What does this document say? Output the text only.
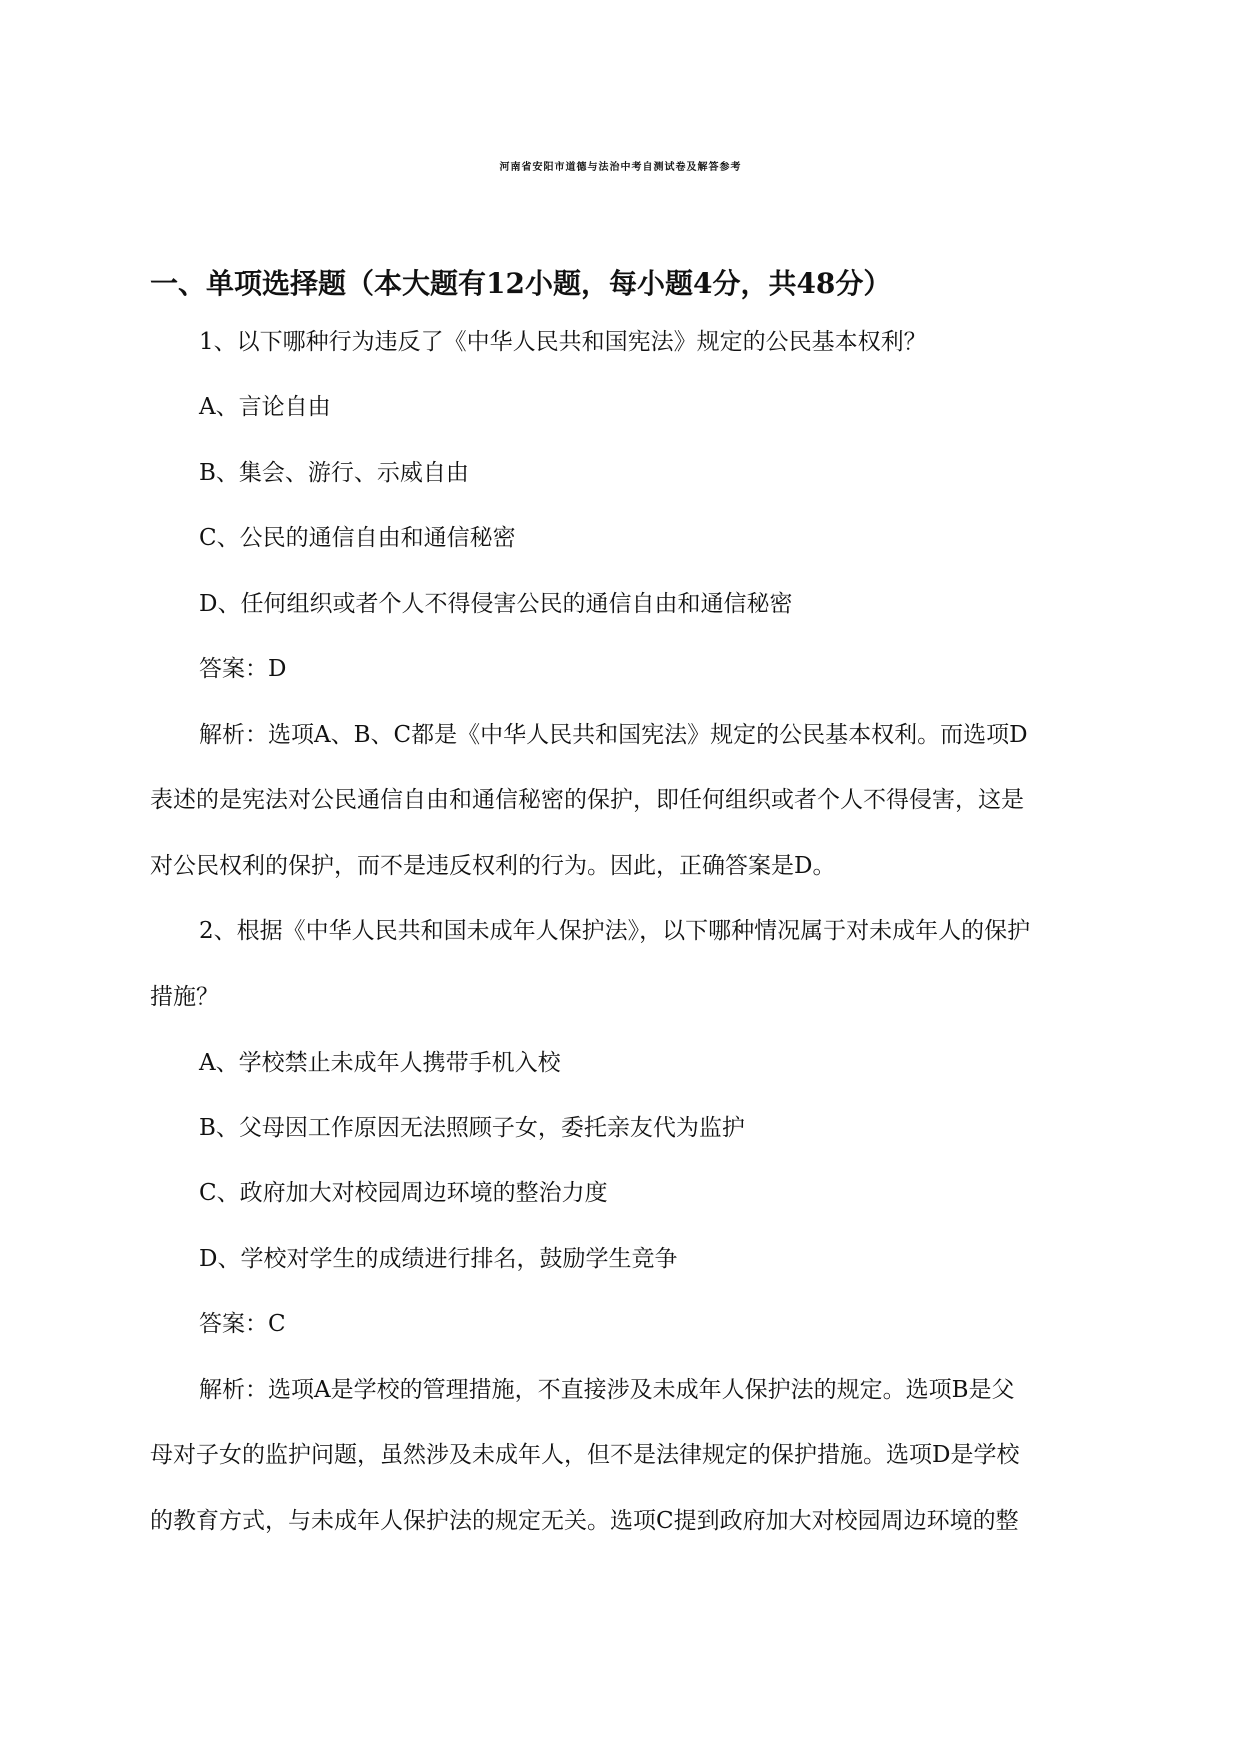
河南省安阳市道德与法治中考自测试卷及解答参考
一、单项选择题（本大题有12小题，每小题4分，共48分）
1、以下哪种行为违反了《中华人民共和国宪法》规定的公民基本权利？
A、言论自由
B、集会、游行、示威自由
C、公民的通信自由和通信秘密
D、任何组织或者个人不得侵害公民的通信自由和通信秘密
答案：D
解析：选项A、B、C都是《中华人民共和国宪法》规定的公民基本权利。而选项D
表述的是宪法对公民通信自由和通信秘密的保护，即任何组织或者个人不得侵害，这是
对公民权利的保护，而不是违反权利的行为。因此，正确答案是D。
2、根据《中华人民共和国未成年人保护法》，以下哪种情况属于对未成年人的保护
措施？
A、学校禁止未成年人携带手机入校
B、父母因工作原因无法照顾子女，委托亲友代为监护
C、政府加大对校园周边环境的整治力度
D、学校对学生的成绩进行排名，鼓励学生竞争
答案：C
解析：选项A是学校的管理措施，不直接涉及未成年人保护法的规定。选项B是父
母对子女的监护问题，虽然涉及未成年人，但不是法律规定的保护措施。选项D是学校
的教育方式，与未成年人保护法的规定无关。选项C提到政府加大对校园周边环境的整
